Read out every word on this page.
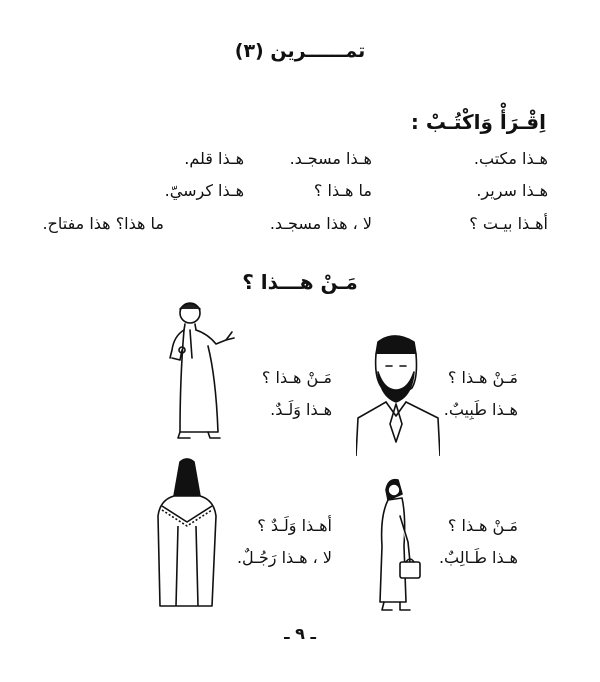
تمــــــرين (٣)
اِقْـرَأْ وَاكْتُـبْ :
هـذا مكتب.
هـذا مسجـد.
هـذا قلم.
هـذا سرير.
ما هـذا ؟
هـذا كرسيّ.
أهـذا بيـت ؟
لا ، هذا مسجـد.
ما هذا؟ هذا مفتاح.
مَـنْ هـــذا ؟
مَـنْ هـذا ؟
هـذا طَبِيبٌ.
مَـنْ هـذا ؟
هـذا وَلَـدٌ.
مَـنْ هـذا ؟
هـذا طَـالِبٌ.
أهـذا وَلَـدٌ ؟
لا ، هـذا رَجُـلٌ.
ـ ٩ ـ
